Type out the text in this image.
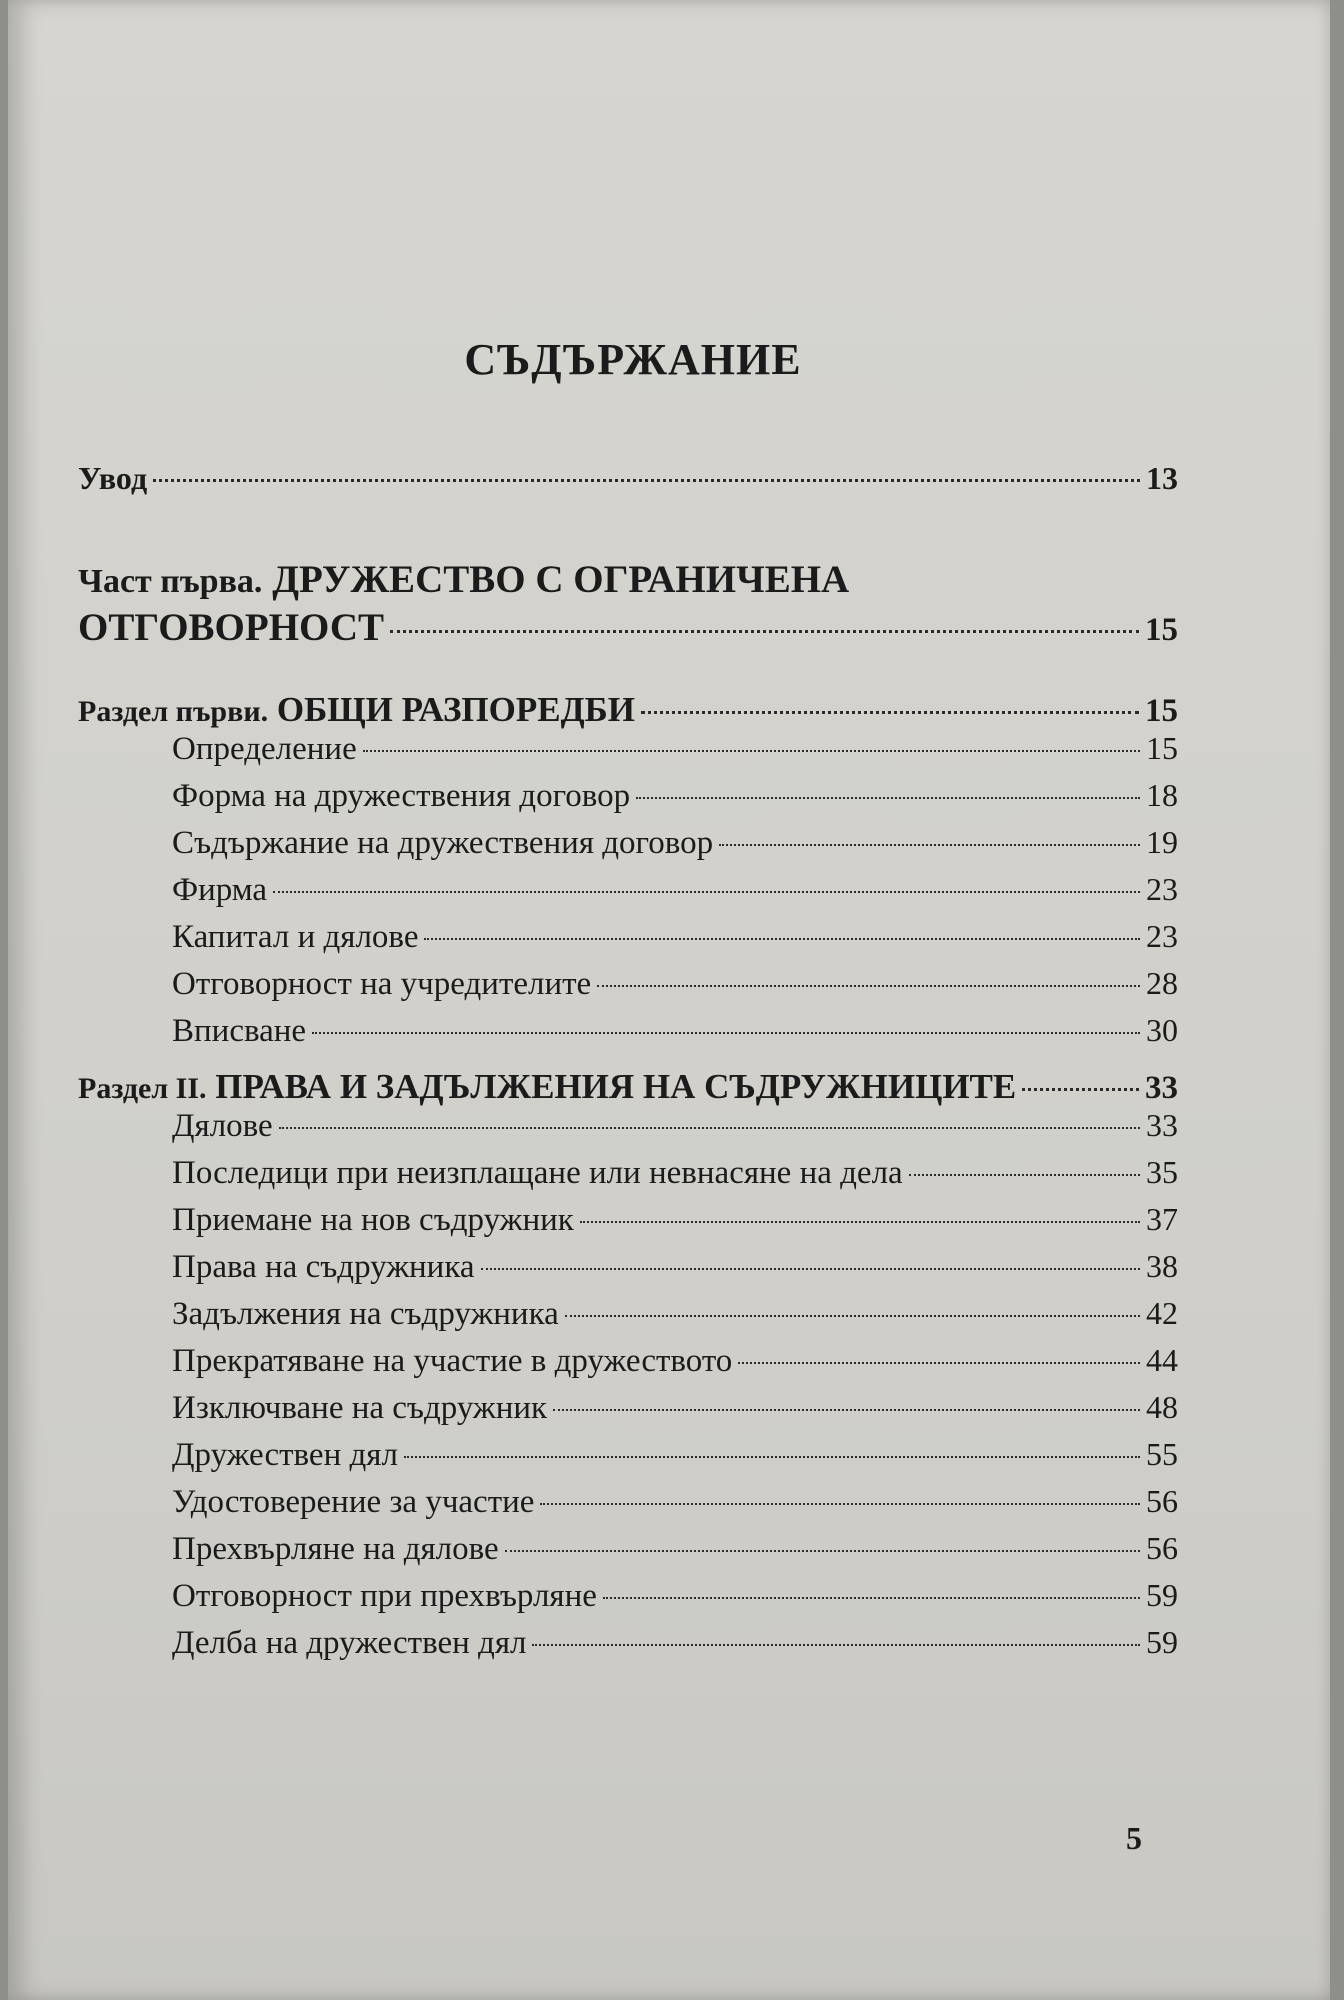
СЪДЪРЖАНИЕ
Увод	13
Част първа. ДРУЖЕСТВО С ОГРАНИЧЕНА
ОТГОВОРНОСТ	15
Раздел първи. ОБЩИ РАЗПОРЕДБИ	15
Определение	15
Форма на дружествения договор	18
Съдържание на дружествения договор	19
Фирма	23
Капитал и дялове	23
Отговорност на учредителите	28
Вписване	30
Раздел II. ПРАВА И ЗАДЪЛЖЕНИЯ НА СЪДРУЖНИЦИТЕ	33
Дялове	33
Последици при неизплащане или невнасяне на дела	35
Приемане на нов съдружник	37
Права на съдружника	38
Задължения на съдружника	42
Прекратяване на участие в дружеството	44
Изключване на съдружник	48
Дружествен дял	55
Удостоверение за участие	56
Прехвърляне на дялове	56
Отговорност при прехвърляне	59
Делба на дружествен дял	59
5
